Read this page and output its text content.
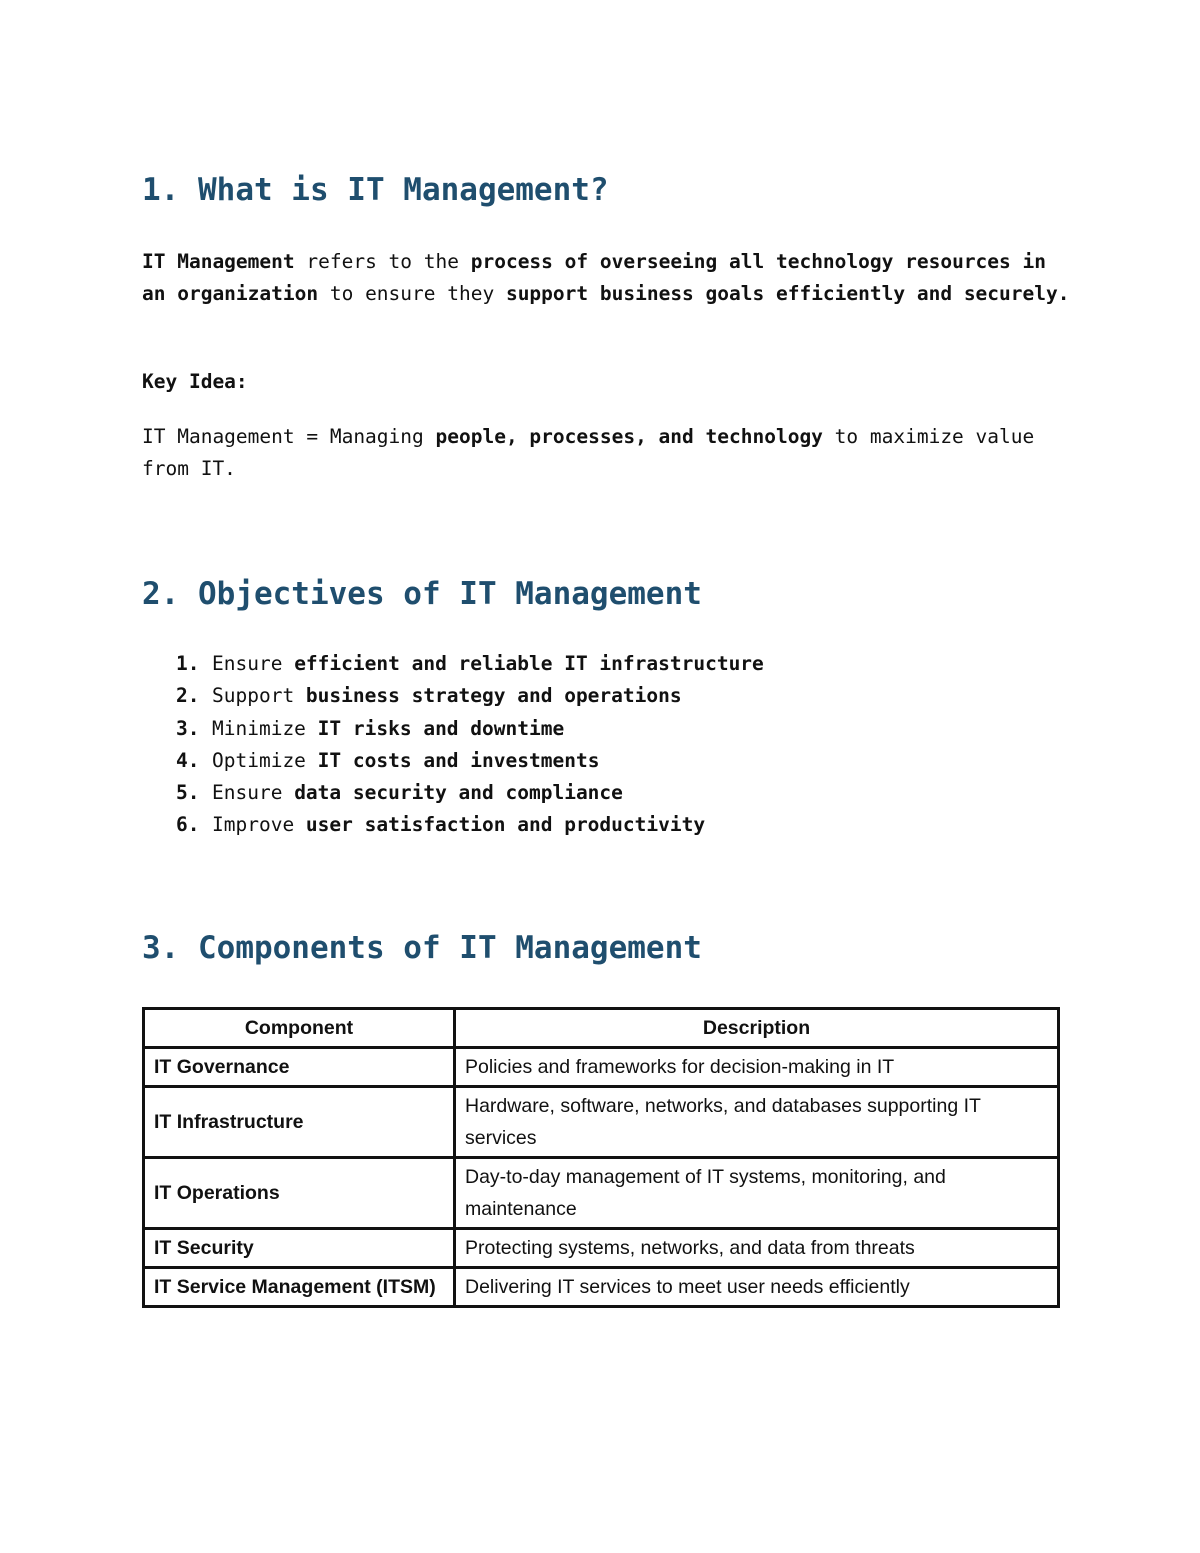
1. What is IT Management?

IT Management refers to the process of overseeing all technology resources in an organization to ensure they support business goals efficiently and securely.

Key Idea:

IT Management = Managing people, processes, and technology to maximize value from IT.

2. Objectives of IT Management
1. Ensure efficient and reliable IT infrastructure
2. Support business strategy and operations
3. Minimize IT risks and downtime
4. Optimize IT costs and investments
5. Ensure data security and compliance
6. Improve user satisfaction and productivity
3. Components of IT Management
Component	Description
IT Governance	Policies and frameworks for decision-making in IT
IT Infrastructure	Hardware, software, networks, and databases supporting IT services
IT Operations	Day-to-day management of IT systems, monitoring, and maintenance
IT Security	Protecting systems, networks, and data from threats
IT Service Management (ITSM)	Delivering IT services to meet user needs efficiently
